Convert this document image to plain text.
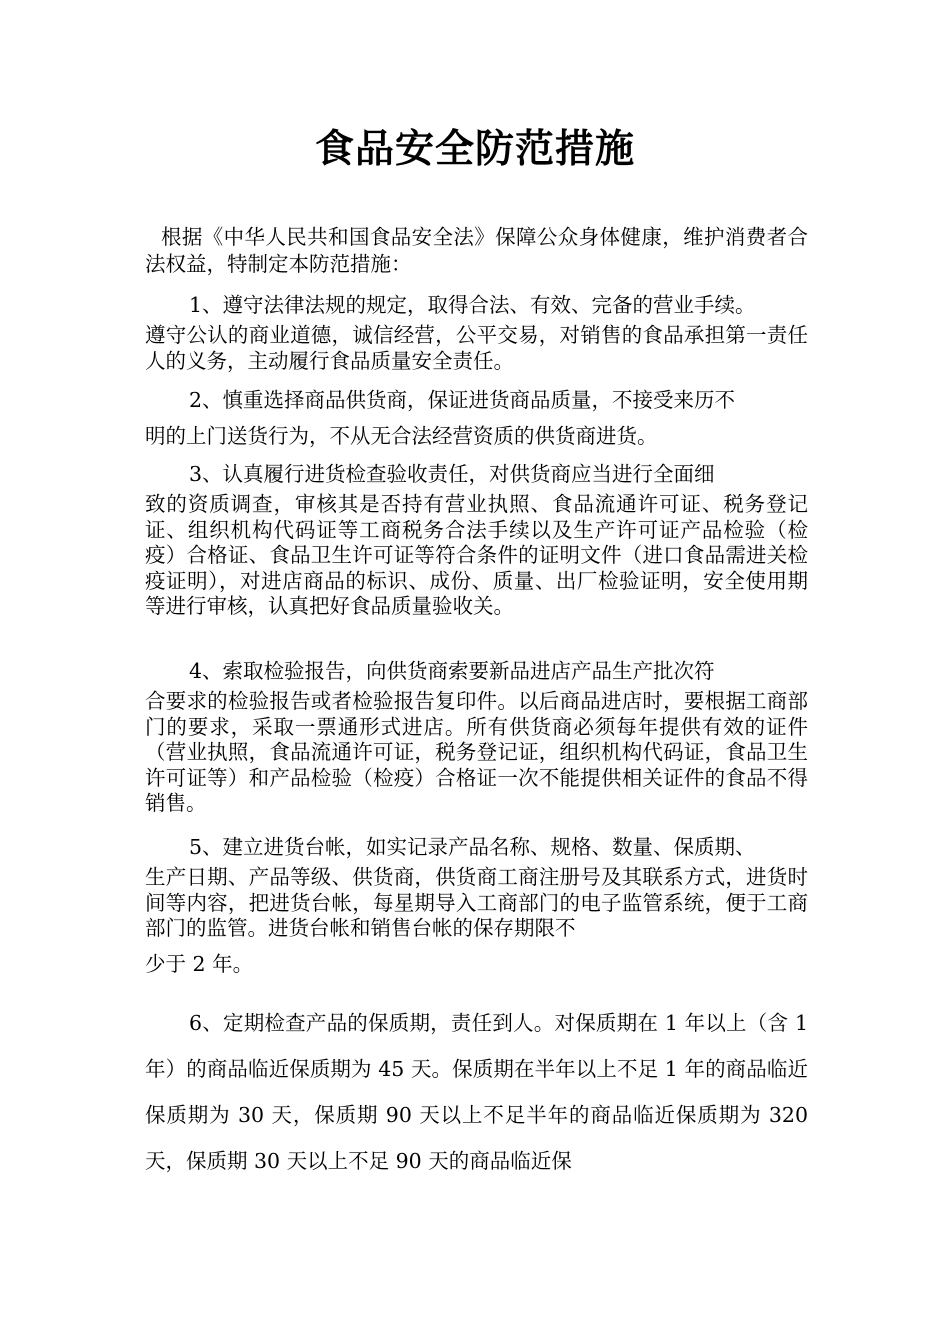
食品安全防范措施

根据《中华人民共和国食品安全法》保障公众身体健康，维护消费者合法权益，特制定本防范措施：

1、遵守法律法规的规定，取得合法、有效、完备的营业手续。
遵守公认的商业道德，诚信经营，公平交易，对销售的食品承担第一责任人的义务，主动履行食品质量安全责任。
2、慎重选择商品供货商，保证进货商品质量，不接受来历不
明的上门送货行为，不从无合法经营资质的供货商进货。
3、认真履行进货检查验收责任，对供货商应当进行全面细
致的资质调查，审核其是否持有营业执照、食品流通许可证、税务登记证、组织机构代码证等工商税务合法手续以及生产许可证产品检验（检疫）合格证、食品卫生许可证等符合条件的证明文件（进口食品需进关检疫证明），对进店商品的标识、成份、质量、出厂检验证明，安全使用期等进行审核，认真把好食品质量验收关。
4、索取检验报告，向供货商索要新品进店产品生产批次符
合要求的检验报告或者检验报告复印件。以后商品进店时，要根据工商部门的要求，采取一票通形式进店。所有供货商必须每年提供有效的证件（营业执照，食品流通许可证，税务登记证，组织机构代码证，食品卫生许可证等）和产品检验（检疫）合格证一次不能提供相关证件的食品不得销售。
5、建立进货台帐，如实记录产品名称、规格、数量、保质期、
生产日期、产品等级、供货商，供货商工商注册号及其联系方式，进货时间等内容，把进货台帐，每星期导入工商部门的电子监管系统，便于工商部门的监管。进货台帐和销售台帐的保存期限不
少于 2 年。

6、定期检查产品的保质期，责任到人。对保质期在 1 年以上（含 1 年）的商品临近保质期为 45 天。保质期在半年以上不足 1 年的商品临近保质期为 30 天，保质期 90 天以上不足半年的商品临近保质期为 320 天，保质期 30 天以上不足 90 天的商品临近保
